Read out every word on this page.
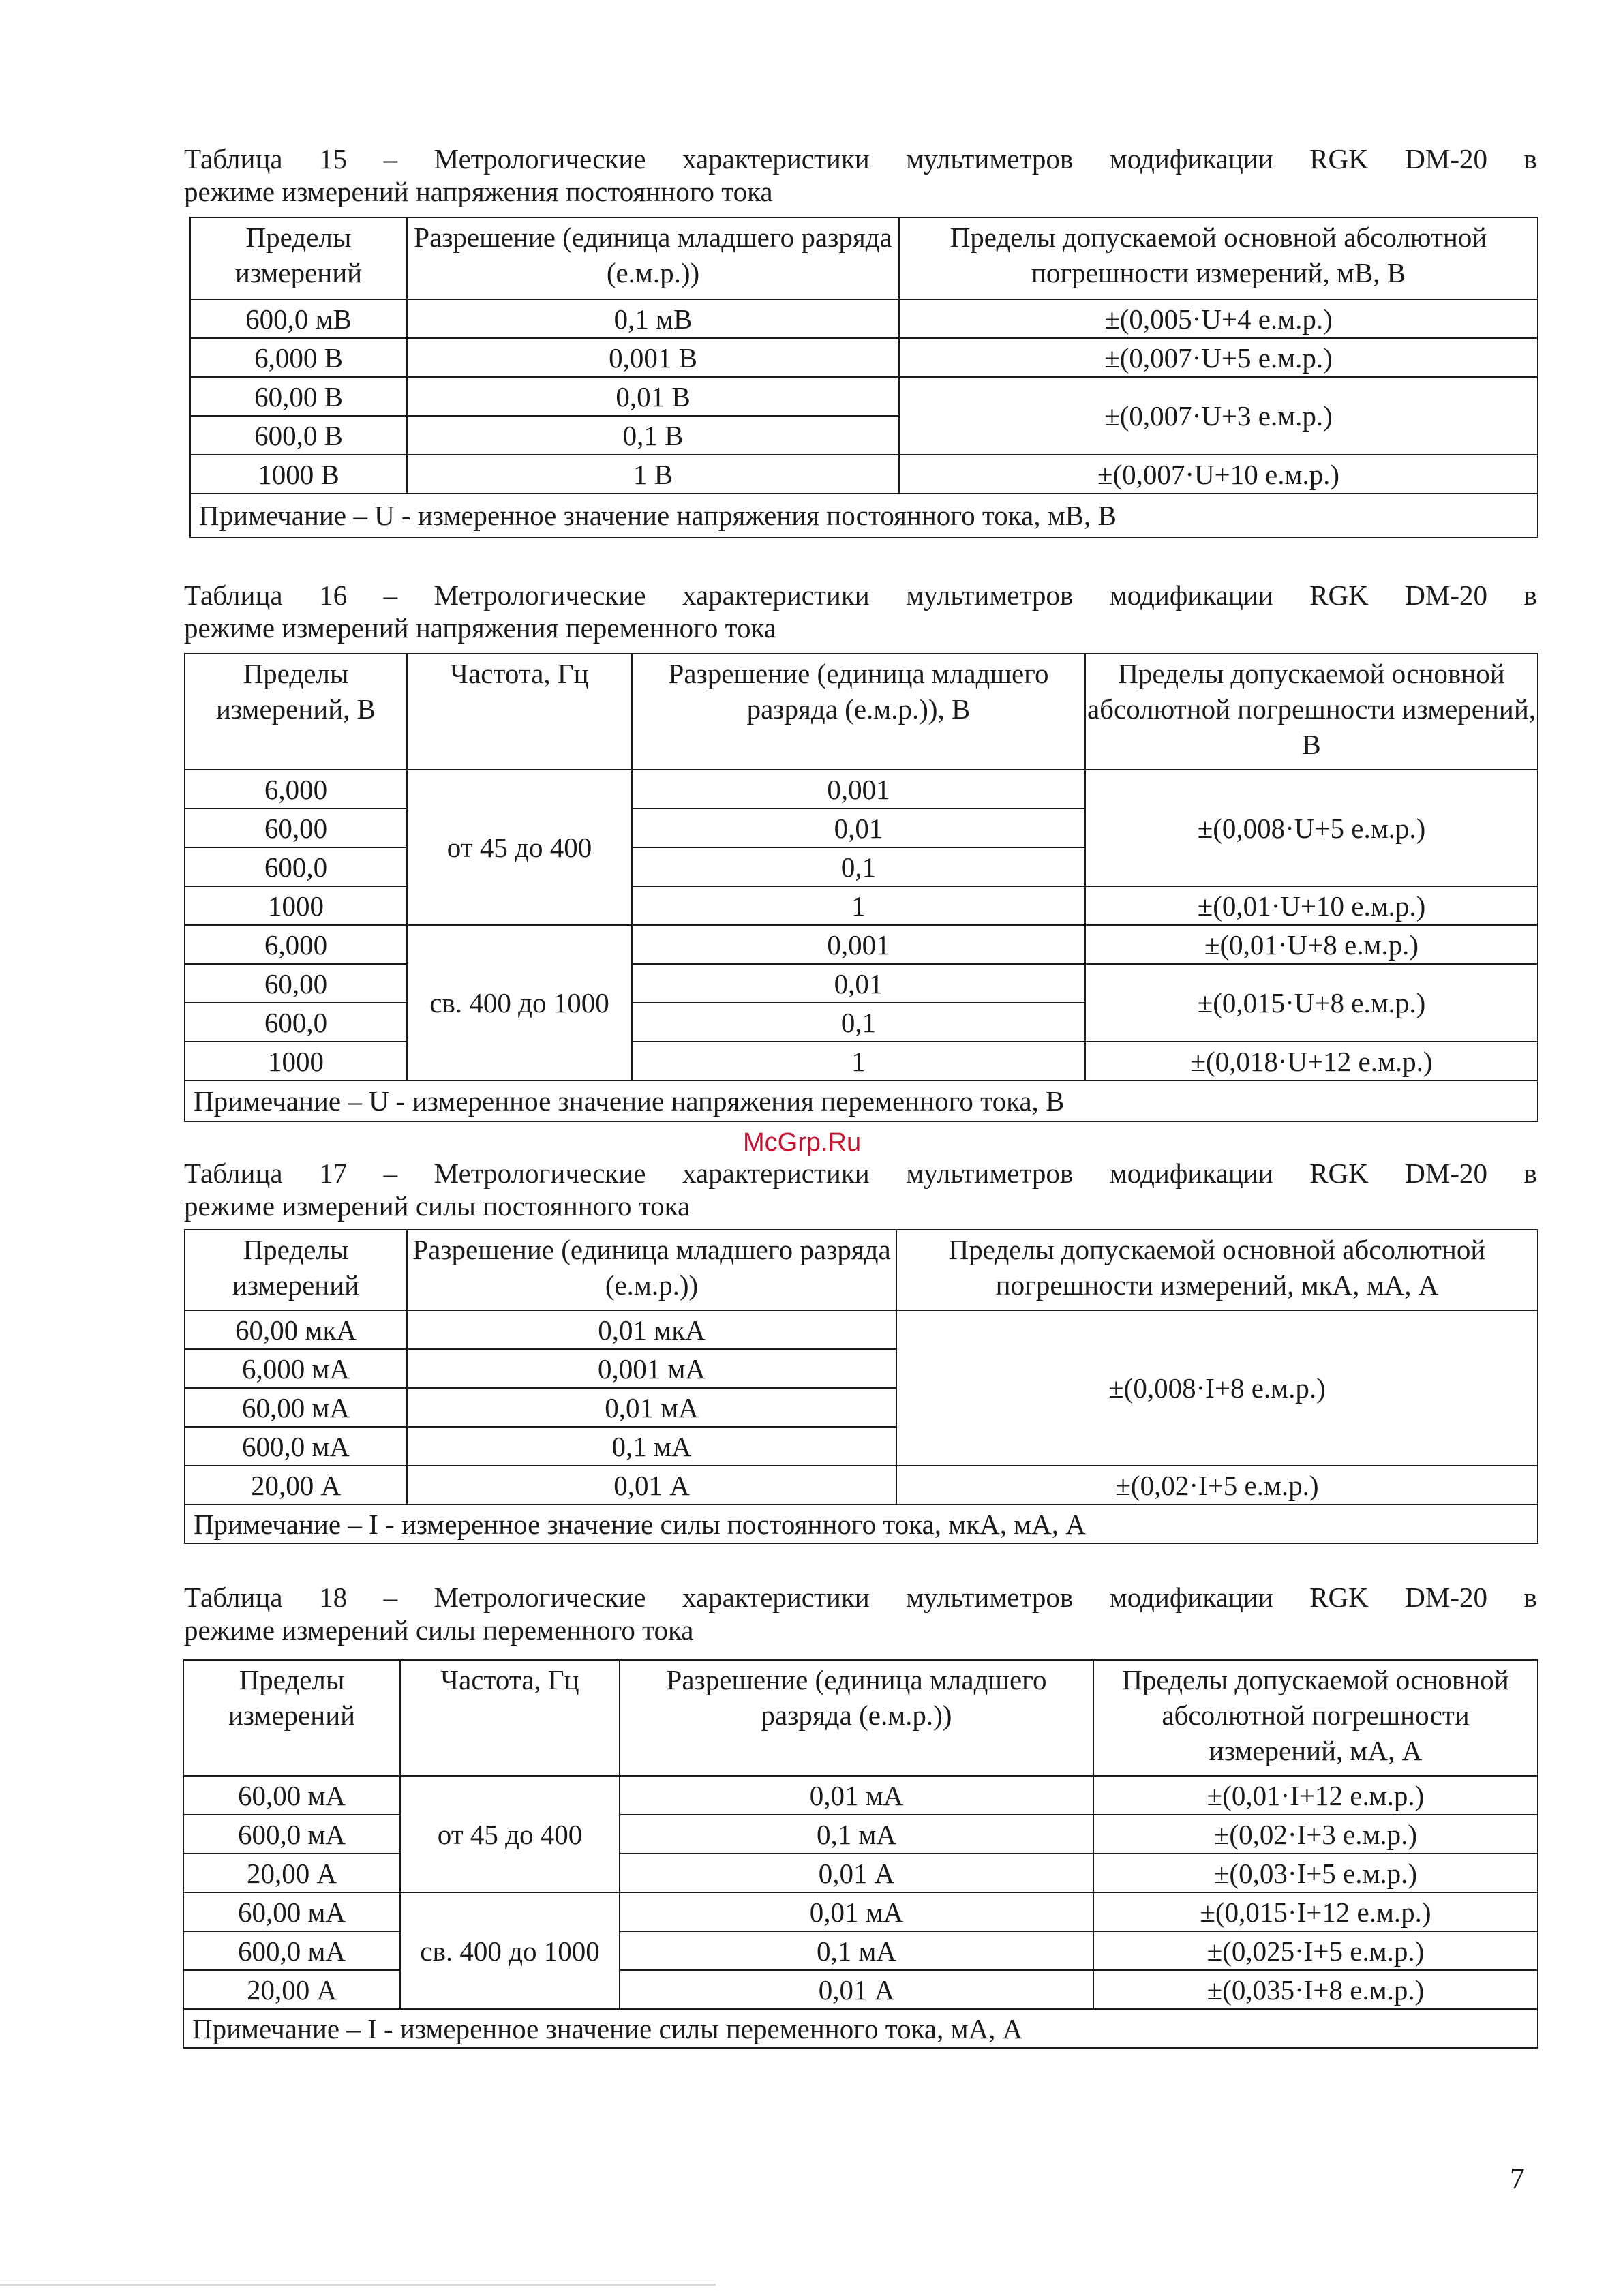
Таблица 15 – Метрологические характеристики мультиметров модификации RGK DM-20 в
режиме измерений напряжения постоянного тока
Пределы измерений	Разрешение (единица младшего разряда (е.м.р.))	Пределы допускаемой основной абсолютной погрешности измерений, мВ, В
600,0 мВ	0,1 мВ	±(0,005·U+4 е.м.р.)
6,000 В	0,001 В	±(0,007·U+5 е.м.р.)
60,00 В	0,01 В	±(0,007·U+3 е.м.р.)
600,0 В	0,1 В	
1000 В	1 В	±(0,007·U+10 е.м.р.)
Примечание – U - измеренное значение напряжения постоянного тока, мВ, В		
Таблица 16 – Метрологические характеристики мультиметров модификации RGK DM-20 в
режиме измерений напряжения переменного тока
Пределы измерений, В	Частота, Гц	Разрешение (единица младшего разряда (е.м.р.)), В	Пределы допускаемой основной абсолютной погрешности измерений, В
6,000	от 45 до 400	0,001	±(0,008·U+5 е.м.р.)
60,00		0,01	
600,0		0,1	
1000		1	±(0,01·U+10 е.м.р.)
6,000	св. 400 до 1000	0,001	±(0,01·U+8 е.м.р.)
60,00		0,01	±(0,015·U+8 е.м.р.)
600,0		0,1	
1000		1	±(0,018·U+12 е.м.р.)
Примечание – U - измеренное значение напряжения переменного тока, В			
McGrp.Ru
Таблица 17 – Метрологические характеристики мультиметров модификации RGK DM-20 в
режиме измерений силы постоянного тока
Пределы измерений	Разрешение (единица младшего разряда (е.м.р.))	Пределы допускаемой основной абсолютной погрешности измерений, мкА, мА, А
60,00 мкА	0,01 мкА	±(0,008·I+8 е.м.р.)
6,000 мА	0,001 мА	
60,00 мА	0,01 мА	
600,0 мА	0,1 мА	
20,00 А	0,01 А	±(0,02·I+5 е.м.р.)
Примечание – I - измеренное значение силы постоянного тока, мкА, мА, А		
Таблица 18 – Метрологические характеристики мультиметров модификации RGK DM-20 в
режиме измерений силы переменного тока
Пределы измерений	Частота, Гц	Разрешение (единица младшего разряда (е.м.р.))	Пределы допускаемой основной абсолютной погрешности измерений, мА, А
60,00 мА	от 45 до 400	0,01 мА	±(0,01·I+12 е.м.р.)
600,0 мА		0,1 мА	±(0,02·I+3 е.м.р.)
20,00 А		0,01 А	±(0,03·I+5 е.м.р.)
60,00 мА	св. 400 до 1000	0,01 мА	±(0,015·I+12 е.м.р.)
600,0 мА		0,1 мА	±(0,025·I+5 е.м.р.)
20,00 А		0,01 А	±(0,035·I+8 е.м.р.)
Примечание – I - измеренное значение силы переменного тока, мА, А			
7
